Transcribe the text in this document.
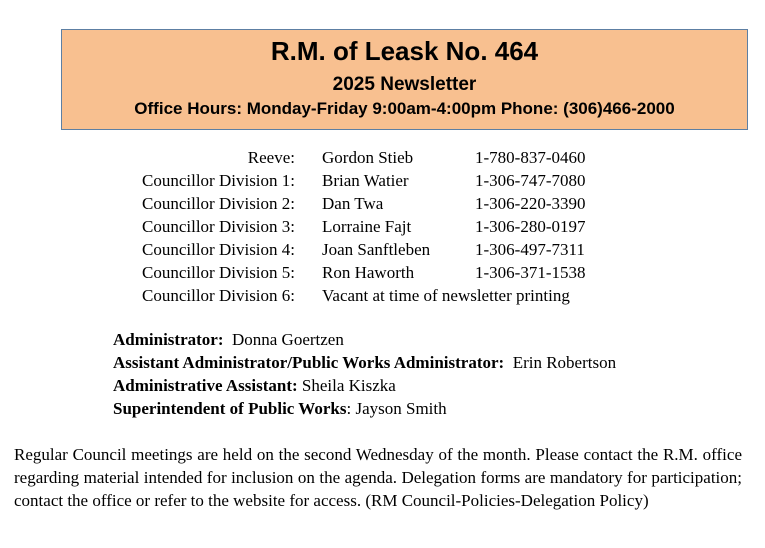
R.M. of Leask No. 464
2025 Newsletter
Office Hours: Monday-Friday 9:00am-4:00pm Phone: (306)466-2000
Reeve: Gordon Stieb	1-780-837-0460
Councillor Division 1: Brian Watier	1-306-747-7080
Councillor Division 2: Dan Twa	1-306-220-3390
Councillor Division 3: Lorraine Fajt	1-306-280-0197
Councillor Division 4: Joan Sanftleben	1-306-497-7311
Councillor Division 5: Ron Haworth	1-306-371-1538
Councillor Division 6: Vacant at time of newsletter printing
Administrator: Donna Goertzen
Assistant Administrator/Public Works Administrator: Erin Robertson
Administrative Assistant: Sheila Kiszka
Superintendent of Public Works: Jayson Smith
Regular Council meetings are held on the second Wednesday of the month. Please contact the R.M. office regarding material intended for inclusion on the agenda. Delegation forms are mandatory for participation; contact the office or refer to the website for access. (RM Council-Policies-Delegation Policy)
